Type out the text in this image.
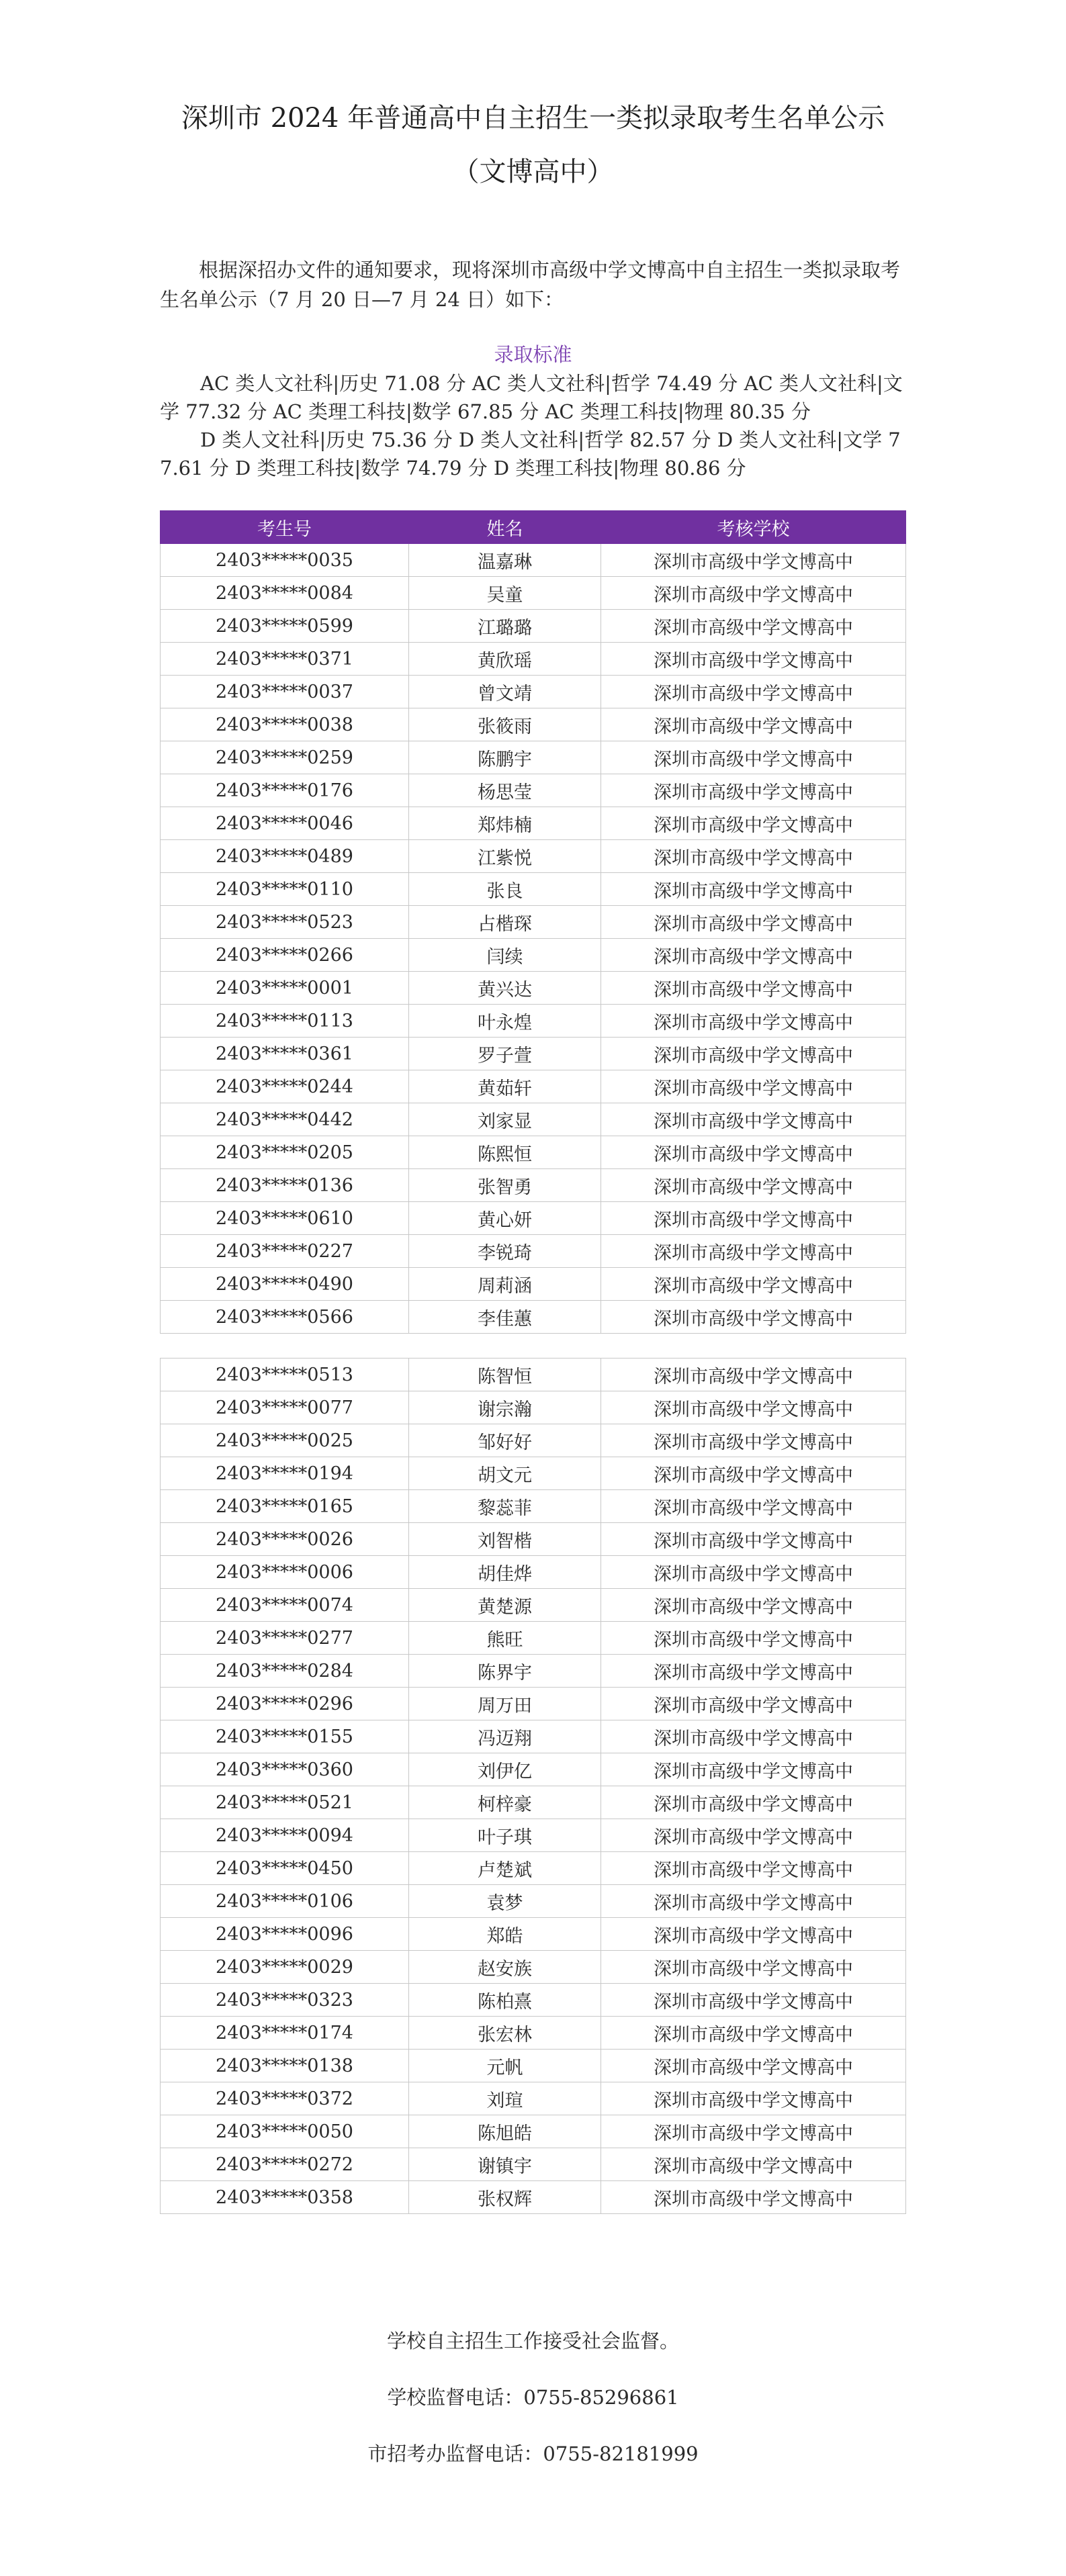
深圳市 2024 年普通高中自主招生一类拟录取考生名单公示
（文博高中）
根据深招办文件的通知要求，现将深圳市高级中学文博高中自主招生一类拟录取考生名单公示（7 月 20 日—7 月 24 日）如下：
录取标准
AC 类人文社科|历史 71.08 分 AC 类人文社科|哲学 74.49 分 AC 类人文社科|文学 77.32 分 AC 类理工科技|数学 67.85 分 AC 类理工科技|物理 80.35 分
D 类人文社科|历史 75.36 分 D 类人文社科|哲学 82.57 分 D 类人文社科|文学 77.61 分 D 类理工科技|数学 74.79 分 D 类理工科技|物理 80.86 分
考生号	姓名	考核学校
2403*****0035	温嘉琳	深圳市高级中学文博高中
2403*****0084	吴童	深圳市高级中学文博高中
2403*****0599	江璐璐	深圳市高级中学文博高中
2403*****0371	黄欣瑶	深圳市高级中学文博高中
2403*****0037	曾文靖	深圳市高级中学文博高中
2403*****0038	张筱雨	深圳市高级中学文博高中
2403*****0259	陈鹏宇	深圳市高级中学文博高中
2403*****0176	杨思莹	深圳市高级中学文博高中
2403*****0046	郑炜楠	深圳市高级中学文博高中
2403*****0489	江紫悦	深圳市高级中学文博高中
2403*****0110	张良	深圳市高级中学文博高中
2403*****0523	占楷琛	深圳市高级中学文博高中
2403*****0266	闫续	深圳市高级中学文博高中
2403*****0001	黄兴达	深圳市高级中学文博高中
2403*****0113	叶永煌	深圳市高级中学文博高中
2403*****0361	罗子萱	深圳市高级中学文博高中
2403*****0244	黄茹轩	深圳市高级中学文博高中
2403*****0442	刘家显	深圳市高级中学文博高中
2403*****0205	陈熙恒	深圳市高级中学文博高中
2403*****0136	张智勇	深圳市高级中学文博高中
2403*****0610	黄心妍	深圳市高级中学文博高中
2403*****0227	李锐琦	深圳市高级中学文博高中
2403*****0490	周莉涵	深圳市高级中学文博高中
2403*****0566	李佳蕙	深圳市高级中学文博高中
2403*****0513	陈智恒	深圳市高级中学文博高中
2403*****0077	谢宗瀚	深圳市高级中学文博高中
2403*****0025	邹好好	深圳市高级中学文博高中
2403*****0194	胡文元	深圳市高级中学文博高中
2403*****0165	黎蕊菲	深圳市高级中学文博高中
2403*****0026	刘智楷	深圳市高级中学文博高中
2403*****0006	胡佳烨	深圳市高级中学文博高中
2403*****0074	黄楚源	深圳市高级中学文博高中
2403*****0277	熊旺	深圳市高级中学文博高中
2403*****0284	陈界宇	深圳市高级中学文博高中
2403*****0296	周万田	深圳市高级中学文博高中
2403*****0155	冯迈翔	深圳市高级中学文博高中
2403*****0360	刘伊亿	深圳市高级中学文博高中
2403*****0521	柯梓豪	深圳市高级中学文博高中
2403*****0094	叶子琪	深圳市高级中学文博高中
2403*****0450	卢楚斌	深圳市高级中学文博高中
2403*****0106	袁梦	深圳市高级中学文博高中
2403*****0096	郑皓	深圳市高级中学文博高中
2403*****0029	赵安族	深圳市高级中学文博高中
2403*****0323	陈柏熹	深圳市高级中学文博高中
2403*****0174	张宏林	深圳市高级中学文博高中
2403*****0138	元帆	深圳市高级中学文博高中
2403*****0372	刘瑄	深圳市高级中学文博高中
2403*****0050	陈旭皓	深圳市高级中学文博高中
2403*****0272	谢镇宇	深圳市高级中学文博高中
2403*****0358	张权辉	深圳市高级中学文博高中
学校自主招生工作接受社会监督。
学校监督电话：0755-85296861
市招考办监督电话：0755-82181999
